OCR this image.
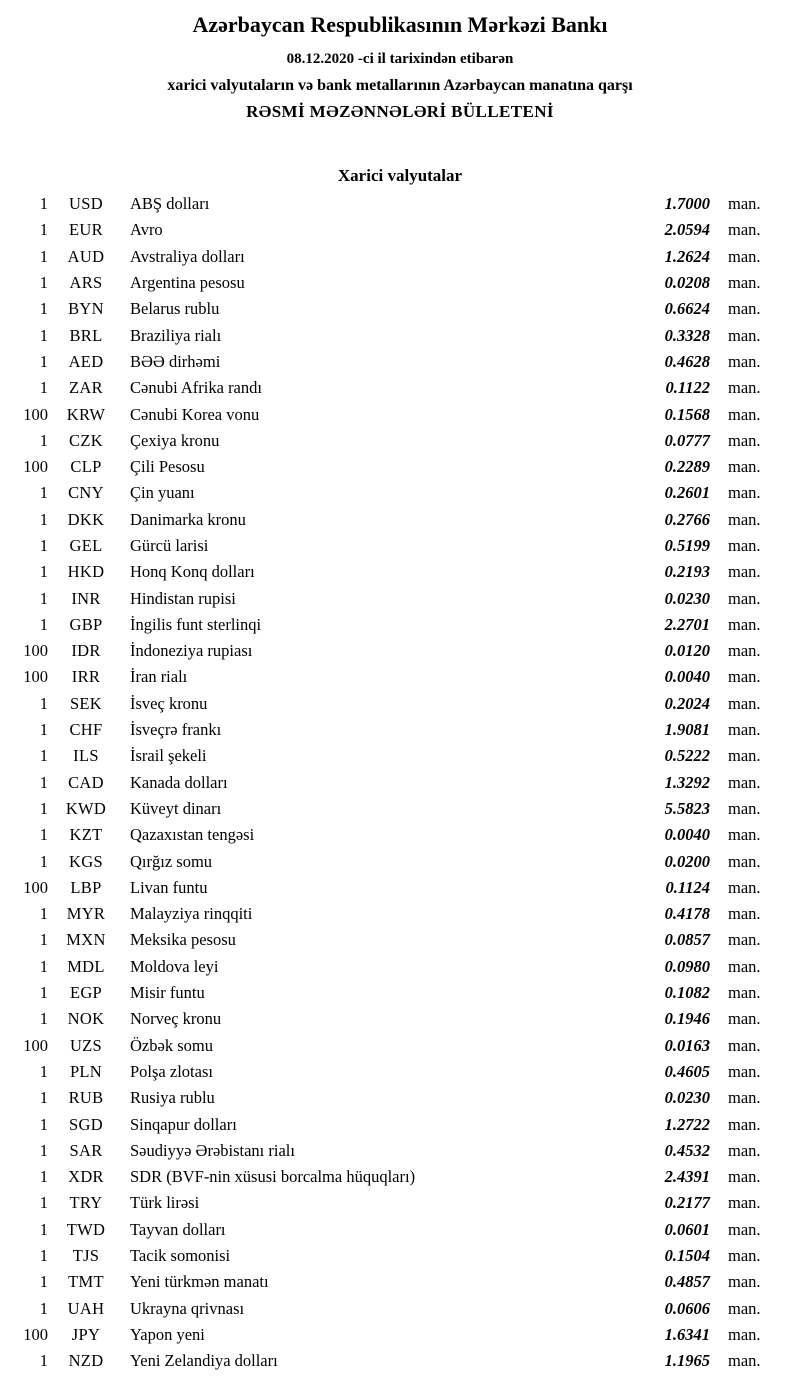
Azərbaycan Respublikasının Mərkəzi Bankı
08.12.2020 -ci il tarixindən etibarən
xarici valyutaların və bank metallarının Azərbaycan manatına qarşı
RƏSMİ MƏZƏNNƏLƏRİ BÜLLETENİ
Xarici valyutalar
1	USD	ABŞ dolları	1.7000	man.
1	EUR	Avro	2.0594	man.
1	AUD	Avstraliya dolları	1.2624	man.
1	ARS	Argentina pesosu	0.0208	man.
1	BYN	Belarus rublu	0.6624	man.
1	BRL	Braziliya rialı	0.3328	man.
1	AED	BƏƏ dirhəmi	0.4628	man.
1	ZAR	Cənubi Afrika randı	0.1122	man.
100	KRW	Cənubi Korea vonu	0.1568	man.
1	CZK	Çexiya kronu	0.0777	man.
100	CLP	Çili Pesosu	0.2289	man.
1	CNY	Çin yuanı	0.2601	man.
1	DKK	Danimarka kronu	0.2766	man.
1	GEL	Gürcü larisi	0.5199	man.
1	HKD	Honq Konq dolları	0.2193	man.
1	INR	Hindistan rupisi	0.0230	man.
1	GBP	İngilis funt sterlinqi	2.2701	man.
100	IDR	İndoneziya rupiası	0.0120	man.
100	IRR	İran rialı	0.0040	man.
1	SEK	İsveç kronu	0.2024	man.
1	CHF	İsveçrə frankı	1.9081	man.
1	ILS	İsrail şekeli	0.5222	man.
1	CAD	Kanada dolları	1.3292	man.
1	KWD	Küveyt dinarı	5.5823	man.
1	KZT	Qazaxıstan tengəsi	0.0040	man.
1	KGS	Qırğız somu	0.0200	man.
100	LBP	Livan funtu	0.1124	man.
1	MYR	Malayziya rinqqiti	0.4178	man.
1	MXN	Meksika pesosu	0.0857	man.
1	MDL	Moldova leyi	0.0980	man.
1	EGP	Misir funtu	0.1082	man.
1	NOK	Norveç kronu	0.1946	man.
100	UZS	Özbək somu	0.0163	man.
1	PLN	Polşa zlotası	0.4605	man.
1	RUB	Rusiya rublu	0.0230	man.
1	SGD	Sinqapur dolları	1.2722	man.
1	SAR	Səudiyyə Ərəbistanı rialı	0.4532	man.
1	XDR	SDR (BVF-nin xüsusi borcalma hüquqları)	2.4391	man.
1	TRY	Türk lirəsi	0.2177	man.
1	TWD	Tayvan dolları	0.0601	man.
1	TJS	Tacik somonisi	0.1504	man.
1	TMT	Yeni türkmən manatı	0.4857	man.
1	UAH	Ukrayna qrivnası	0.0606	man.
100	JPY	Yapon yeni	1.6341	man.
1	NZD	Yeni Zelandiya dolları	1.1965	man.
